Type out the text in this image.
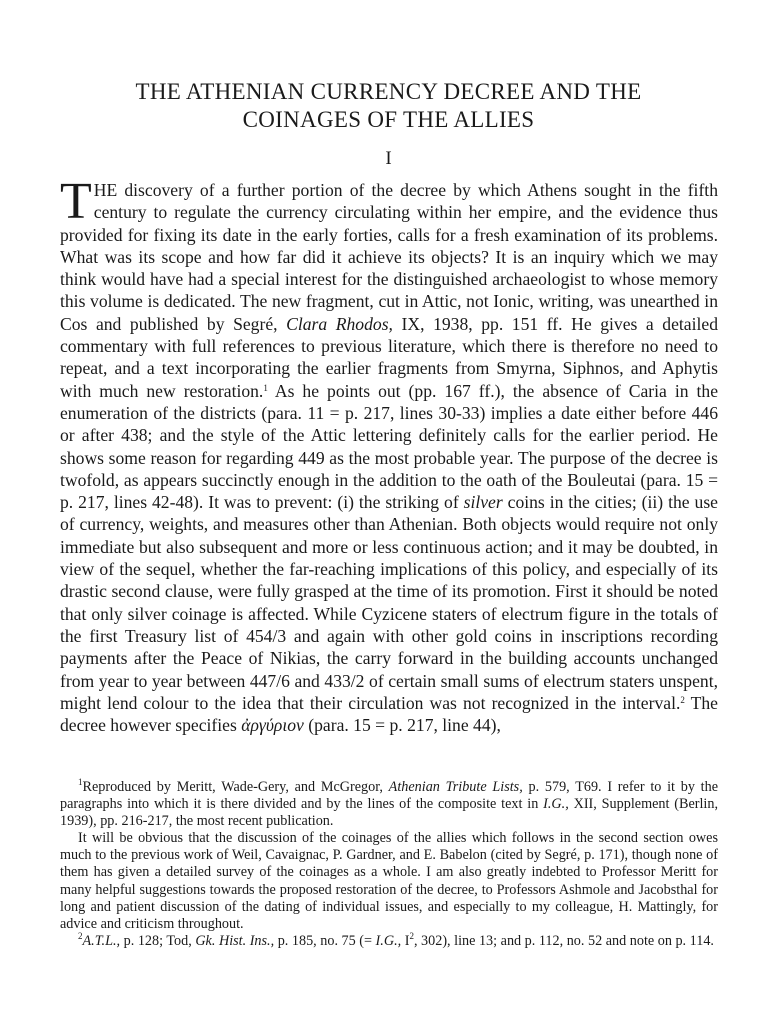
THE ATHENIAN CURRENCY DECREE AND THE
COINAGES OF THE ALLIES
I

THE discovery of a further portion of the decree by which Athens sought in the fifth century to regulate the currency circulating within her empire, and the evidence thus provided for fixing its date in the early forties, calls for a fresh examination of its problems. What was its scope and how far did it achieve its objects? It is an inquiry which we may think would have had a special interest for the distinguished archaeologist to whose memory this volume is dedicated. The new fragment, cut in Attic, not Ionic, writing, was unearthed in Cos and published by Segré, Clara Rhodos, IX, 1938, pp. 151 ff. He gives a detailed commentary with full references to previous literature, which there is therefore no need to repeat, and a text incorporating the earlier fragments from Smyrna, Siphnos, and Aphytis with much new restoration.$^1$ As he points out (pp. 167 ff.), the absence of Caria in the enumeration of the districts (para. 11 = p. 217, lines 30-33) implies a date either before 446 or after 438; and the style of the Attic lettering definitely calls for the earlier period. He shows some reason for regarding 449 as the most probable year. The purpose of the decree is twofold, as appears succinctly enough in the addition to the oath of the Bouleutai (para. 15 = p. 217, lines 42-48). It was to prevent: (i) the striking of silver coins in the cities; (ii) the use of currency, weights, and measures other than Athenian. Both objects would require not only immediate but also subsequent and more or less continuous action; and it may be doubted, in view of the sequel, whether the far-reaching implications of this policy, and especially of its drastic second clause, were fully grasped at the time of its promotion. First it should be noted that only silver coinage is affected. While Cyzicene staters of electrum figure in the totals of the first Treasury list of 454/3 and again with other gold coins in inscriptions recording payments after the Peace of Nikias, the carry forward in the building accounts unchanged from year to year between 447/6 and 433/2 of certain small sums of electrum staters unspent, might lend colour to the idea that their circulation was not recognized in the interval.$^2$ The decree however specifies ἀργύριον (para. 15 = p. 217, line 44),

$^1$Reproduced by Meritt, Wade-Gery, and McGregor, Athenian Tribute Lists, p. 579, T69. I refer to it by the paragraphs into which it is there divided and by the lines of the composite text in I.G., XII, Supplement (Berlin, 1939), pp. 216-217, the most recent publication.

It will be obvious that the discussion of the coinages of the allies which follows in the second section owes much to the previous work of Weil, Cavaignac, P. Gardner, and E. Babelon (cited by Segré, p. 171), though none of them has given a detailed survey of the coinages as a whole. I am also greatly indebted to Professor Meritt for many helpful suggestions towards the proposed restoration of the decree, to Professors Ashmole and Jacobsthal for long and patient discussion of the dating of individual issues, and especially to my colleague, H. Mattingly, for advice and criticism throughout.

$^2$A.T.L., p. 128; Tod, Gk. Hist. Ins., p. 185, no. 75 (= I.G., $I^2$, 302), line 13; and p. 112, no. 52 and note on p. 114.
